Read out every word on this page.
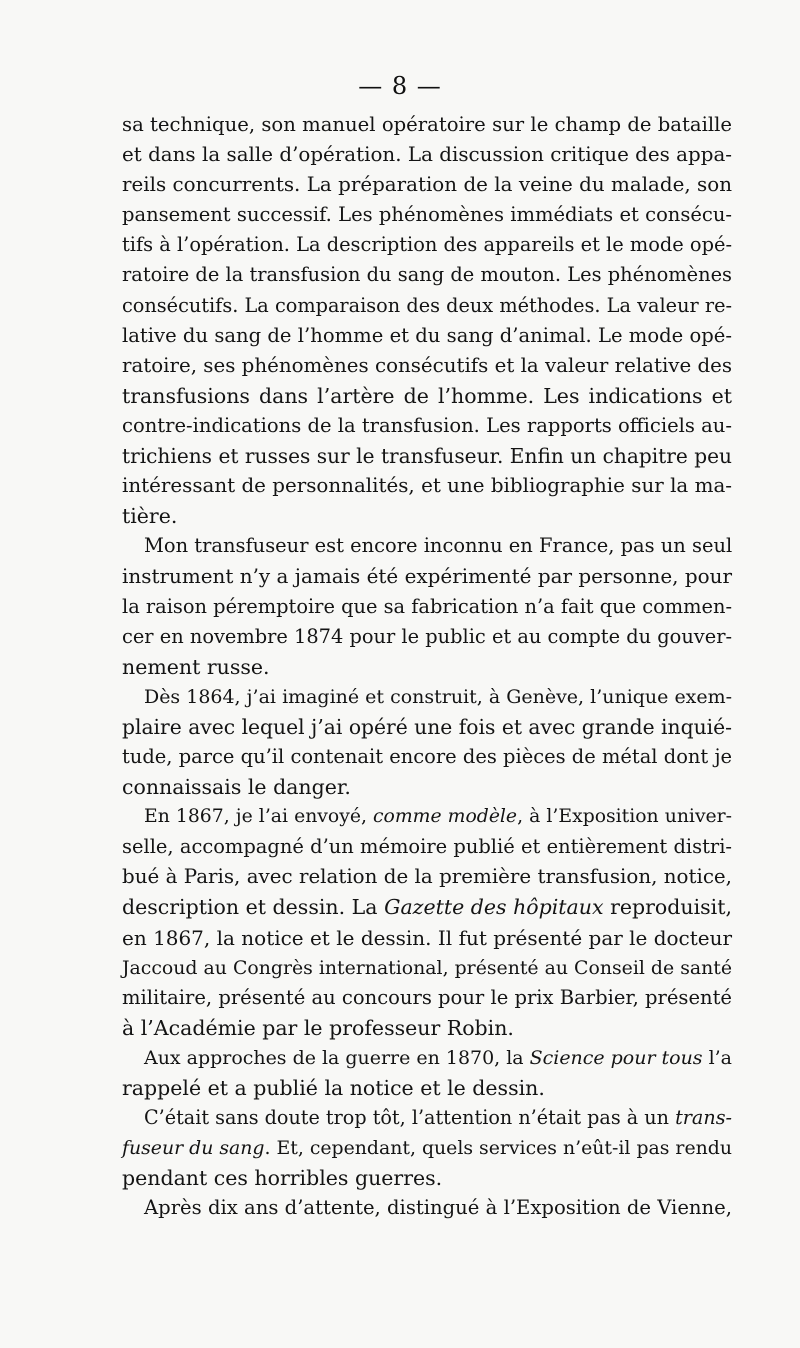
— 8 —
sa technique, son manuel opératoire sur le champ de bataille
et dans la salle d’opération. La discussion critique des appa-
reils concurrents. La préparation de la veine du malade, son
pansement successif. Les phénomènes immédiats et consécu-
tifs à l’opération. La description des appareils et le mode opé-
ratoire de la transfusion du sang de mouton. Les phénomènes
consécutifs. La comparaison des deux méthodes. La valeur re-
lative du sang de l’homme et du sang d’animal. Le mode opé-
ratoire, ses phénomènes consécutifs et la valeur relative des
transfusions dans l’artère de l’homme. Les indications et
contre-indications de la transfusion. Les rapports officiels au-
trichiens et russes sur le transfuseur. Enfin un chapitre peu
intéressant de personnalités, et une bibliographie sur la ma-
tière.
Mon transfuseur est encore inconnu en France, pas un seul
instrument n’y a jamais été expérimenté par personne, pour
la raison péremptoire que sa fabrication n’a fait que commen-
cer en novembre 1874 pour le public et au compte du gouver-
nement russe.
Dès 1864, j’ai imaginé et construit, à Genève, l’unique exem-
plaire avec lequel j’ai opéré une fois et avec grande inquié-
tude, parce qu’il contenait encore des pièces de métal dont je
connaissais le danger.
En 1867, je l’ai envoyé, comme modèle, à l’Exposition univer-
selle, accompagné d’un mémoire publié et entièrement distri-
bué à Paris, avec relation de la première transfusion, notice,
description et dessin. La Gazette des hôpitaux reproduisit,
en 1867, la notice et le dessin. Il fut présenté par le docteur
Jaccoud au Congrès international, présenté au Conseil de santé
militaire, présenté au concours pour le prix Barbier, présenté
à l’Académie par le professeur Robin.
Aux approches de la guerre en 1870, la Science pour tous l’a
rappelé et a publié la notice et le dessin.
C’était sans doute trop tôt, l’attention n’était pas à un trans-
fuseur du sang. Et, cependant, quels services n’eût-il pas rendu
pendant ces horribles guerres.
Après dix ans d’attente, distingué à l’Exposition de Vienne,
